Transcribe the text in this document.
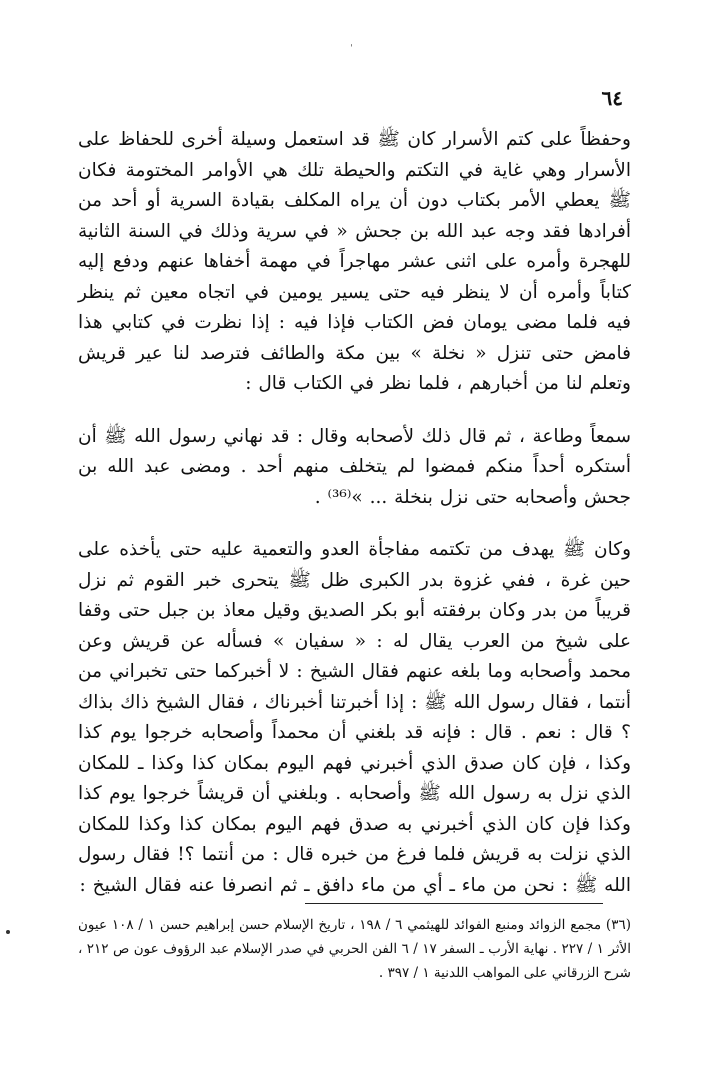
ˈ
٦٤

وحفظاً على كتم الأسرار كان ﷺ قد استعمل وسيلة أخرى للحفاظ على الأسرار وهي غاية في التكتم والحيطة تلك هي الأوامر المختومة فكان ﷺ يعطي الأمر بكتاب دون أن يراه المكلف بقيادة السرية أو أحد من أفرادها فقد وجه عبد الله بن جحش « في سرية وذلك في السنة الثانية للهجرة وأمره على اثنى عشر مهاجراً في مهمة أخفاها عنهم ودفع إليه كتاباً وأمره أن لا ينظر فيه حتى يسير يومين في اتجاه معين ثم ينظر فيه فلما مضى يومان فض الكتاب فإذا فيه : إذا نظرت في كتابي هذا فامض حتى تنزل « نخلة » بين مكة والطائف فترصد لنا عير قريش وتعلم لنا من أخبارهم ، فلما نظر في الكتاب قال :

سمعاً وطاعة ، ثم قال ذلك لأصحابه وقال : قد نهاني رسول الله ﷺ أن أستكره أحداً منكم فمضوا لم يتخلف منهم أحد . ومضى عبد الله بن جحش وأصحابه حتى نزل بنخلة ... »⁽³⁶⁾ .

وكان ﷺ يهدف من تكتمه مفاجأة العدو والتعمية عليه حتى يأخذه على حين غرة ، ففي غزوة بدر الكبرى ظل ﷺ يتحرى خبر القوم ثم نزل قريباً من بدر وكان برفقته أبو بكر الصديق وقيل معاذ بن جبل حتى وقفا على شيخ من العرب يقال له : « سفيان » فسأله عن قريش وعن محمد وأصحابه وما بلغه عنهم فقال الشيخ : لا أخبركما حتى تخبراني من أنتما ، فقال رسول الله ﷺ : إذا أخبرتنا أخبرناك ، فقال الشيخ ذاك بذاك ؟ قال : نعم . قال : فإنه قد بلغني أن محمداً وأصحابه خرجوا يوم كذا وكذا ، فإن كان صدق الذي أخبرني فهم اليوم بمكان كذا وكذا ـ للمكان الذي نزل به رسول الله ﷺ وأصحابه . وبلغني أن قريشاً خرجوا يوم كذا وكذا فإن كان الذي أخبرني به صدق فهم اليوم بمكان كذا وكذا للمكان الذي نزلت به قريش فلما فرغ من خبره قال : من أنتما ؟! فقال رسول الله ﷺ : نحن من ماء ـ أي من ماء دافق ـ ثم انصرفا عنه فقال الشيخ :

(٣٦) مجمع الزوائد ومنبع الفوائد للهيثمي ٦ / ١٩٨ ، تاريخ الإسلام حسن إبراهيم حسن ١ / ١٠٨ عيون الأثر ١ / ٢٢٧ . نهاية الأرب ـ السفر ١٧ / ٦ الفن الحربي في صدر الإسلام عبد الرؤوف عون ص ٢١٢ ، شرح الزرقاني على المواهب اللدنية ١ / ٣٩٧ .
